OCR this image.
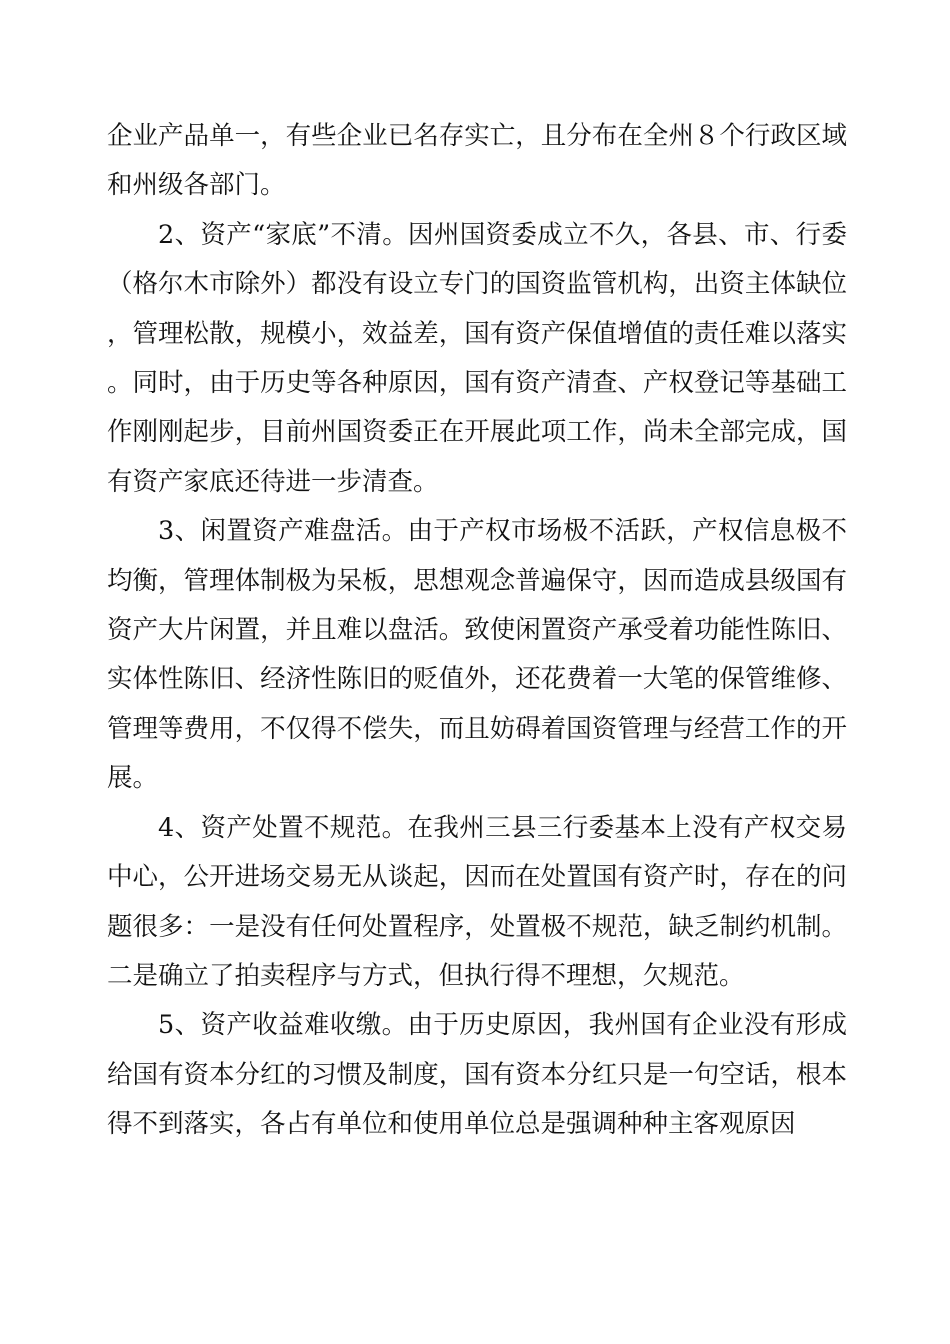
企业产品单一，有些企业已名存实亡，且分布在全州８个行政区域和州级各部门。

2、资产“家底”不清。因州国资委成立不久，各县、市、行委（格尔木市除外）都没有设立专门的国资监管机构，出资主体缺位，管理松散，规模小，效益差，国有资产保值增值的责任难以落实。同时，由于历史等各种原因，国有资产清查、产权登记等基础工作刚刚起步，目前州国资委正在开展此项工作，尚未全部完成，国有资产家底还待进一步清查。

3、闲置资产难盘活。由于产权市场极不活跃，产权信息极不均衡，管理体制极为呆板，思想观念普遍保守，因而造成县级国有资产大片闲置，并且难以盘活。致使闲置资产承受着功能性陈旧、实体性陈旧、经济性陈旧的贬值外，还花费着一大笔的保管维修、管理等费用，不仅得不偿失，而且妨碍着国资管理与经营工作的开展。

4、资产处置不规范。在我州三县三行委基本上没有产权交易中心，公开进场交易无从谈起，因而在处置国有资产时，存在的问题很多：一是没有任何处置程序，处置极不规范，缺乏制约机制。二是确立了拍卖程序与方式，但执行得不理想，欠规范。

5、资产收益难收缴。由于历史原因，我州国有企业没有形成给国有资本分红的习惯及制度，国有资本分红只是一句空话，根本得不到落实，各占有单位和使用单位总是强调种种主客观原因
